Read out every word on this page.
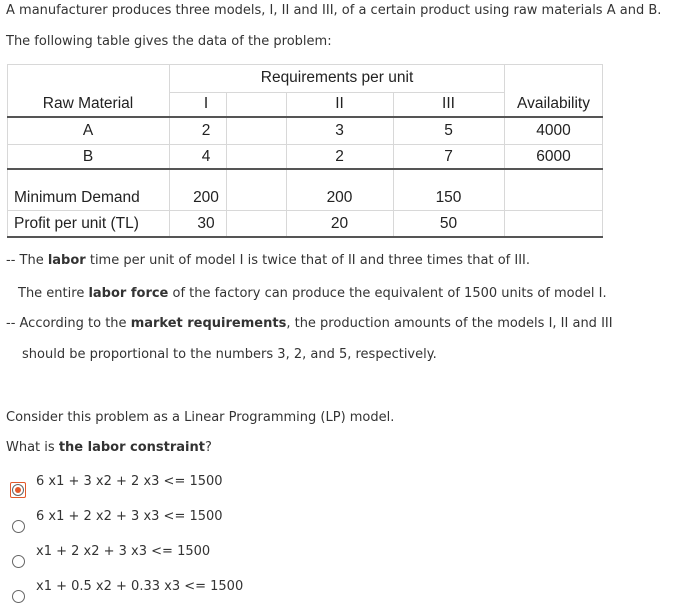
A manufacturer produces three models, I, II and III, of a certain product using raw materials A and B.
The following table gives the data of the problem:
Requirements per unit
Raw Material	I	II	III	Availability
A	2	3	5	4000
B	4	2	7	6000
Minimum Demand	200	200	150
Profit per unit (TL)	30	20	50
-- The labor time per unit of model I is twice that of II and three times that of III.
The entire labor force of the factory can produce the equivalent of 1500 units of model I.
-- According to the market requirements, the production amounts of the models I, II and III
should be proportional to the numbers 3, 2, and 5, respectively.
Consider this problem as a Linear Programming (LP) model.
What is the labor constraint?
6 x1 + 3 x2 + 2 x3 <= 1500
6 x1 + 2 x2 + 3 x3 <= 1500
x1 + 2 x2 + 3 x3 <= 1500
x1 + 0.5 x2 + 0.33 x3 <= 1500
